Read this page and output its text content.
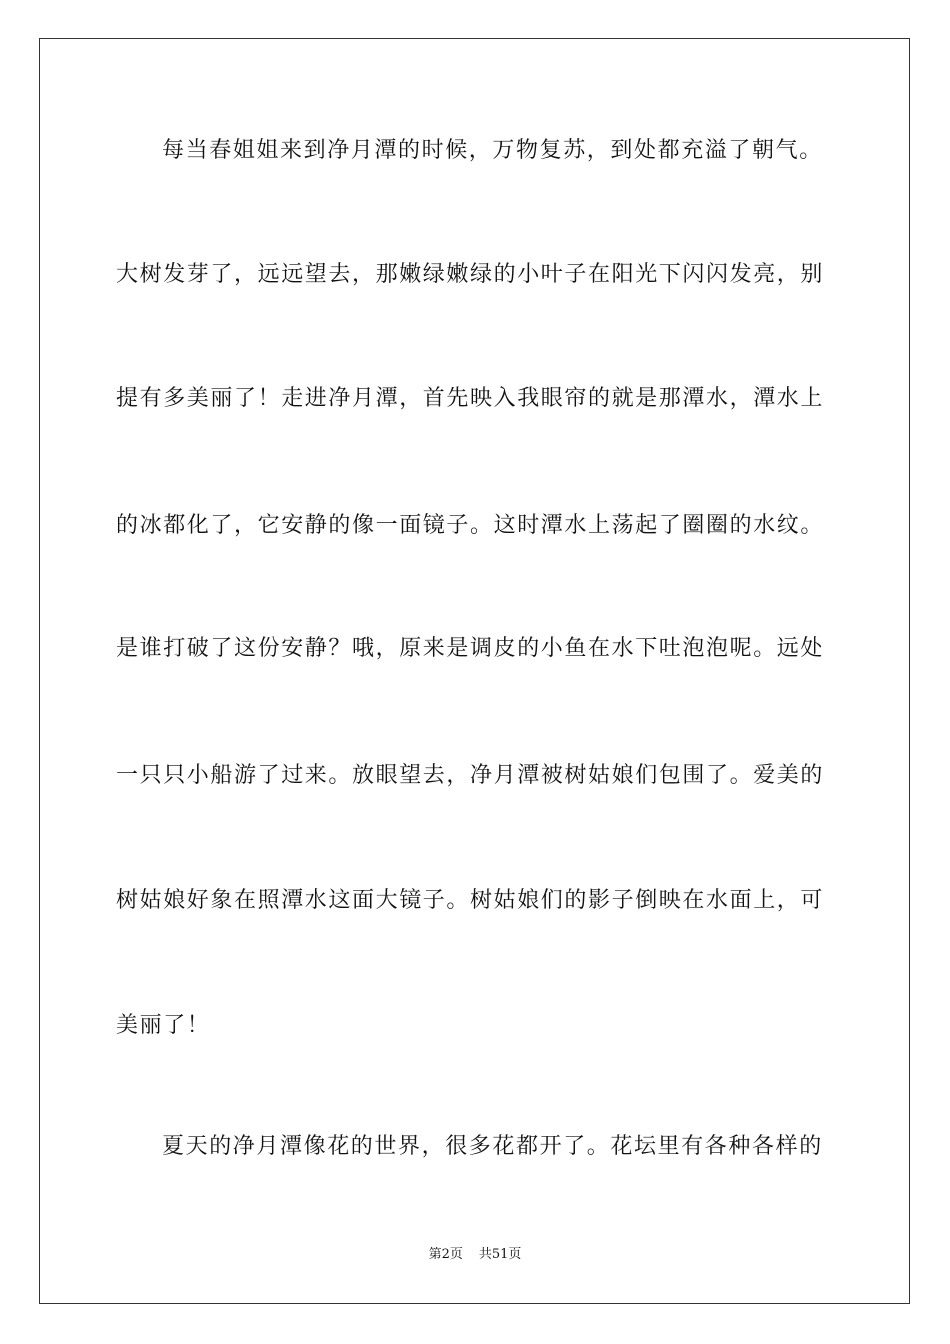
每当春姐姐来到净月潭的时候，万物复苏，到处都充溢了朝气。
大树发芽了，远远望去，那嫩绿嫩绿的小叶子在阳光下闪闪发亮，别
提有多美丽了！走进净月潭，首先映入我眼帘的就是那潭水，潭水上
的冰都化了，它安静的像一面镜子。这时潭水上荡起了圈圈的水纹。
是谁打破了这份安静？哦，原来是调皮的小鱼在水下吐泡泡呢。远处
一只只小船游了过来。放眼望去，净月潭被树姑娘们包围了。爱美的
树姑娘好象在照潭水这面大镜子。树姑娘们的影子倒映在水面上，可
美丽了！
夏天的净月潭像花的世界，很多花都开了。花坛里有各种各样的
第2页 共51页
